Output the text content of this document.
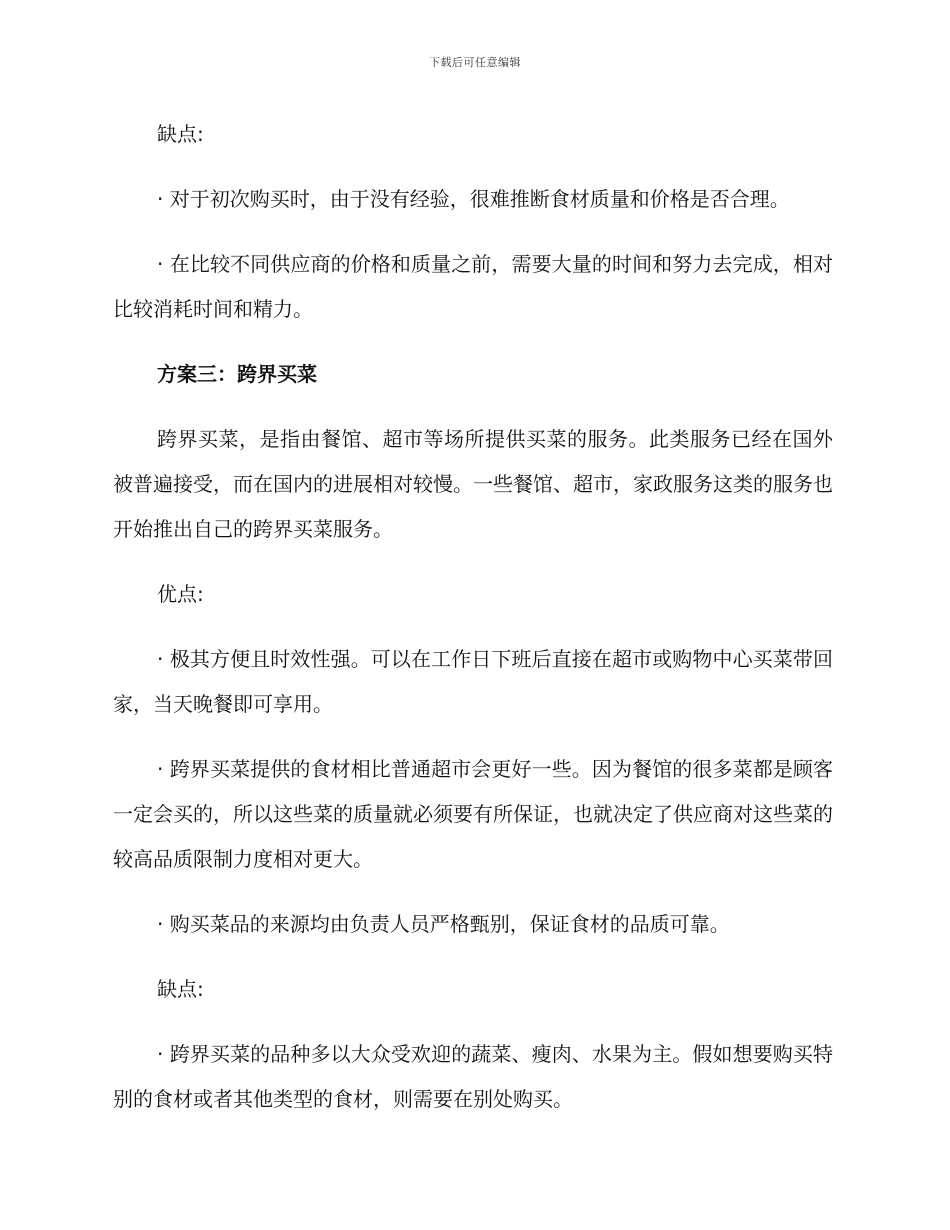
下载后可任意编辑

缺点:

· 对于初次购买时，由于没有经验，很难推断食材质量和价格是否合理。

· 在比较不同供应商的价格和质量之前，需要大量的时间和努力去完成，相对比较消耗时间和精力。

方案三：跨界买菜

跨界买菜，是指由餐馆、超市等场所提供买菜的服务。此类服务已经在国外被普遍接受，而在国内的进展相对较慢。一些餐馆、超市，家政服务这类的服务也开始推出自己的跨界买菜服务。

优点:

· 极其方便且时效性强。可以在工作日下班后直接在超市或购物中心买菜带回家，当天晚餐即可享用。

· 跨界买菜提供的食材相比普通超市会更好一些。因为餐馆的很多菜都是顾客一定会买的，所以这些菜的质量就必须要有所保证，也就决定了供应商对这些菜的较高品质限制力度相对更大。

· 购买菜品的来源均由负责人员严格甄别，保证食材的品质可靠。

缺点:

· 跨界买菜的品种多以大众受欢迎的蔬菜、瘦肉、水果为主。假如想要购买特别的食材或者其他类型的食材，则需要在别处购买。
